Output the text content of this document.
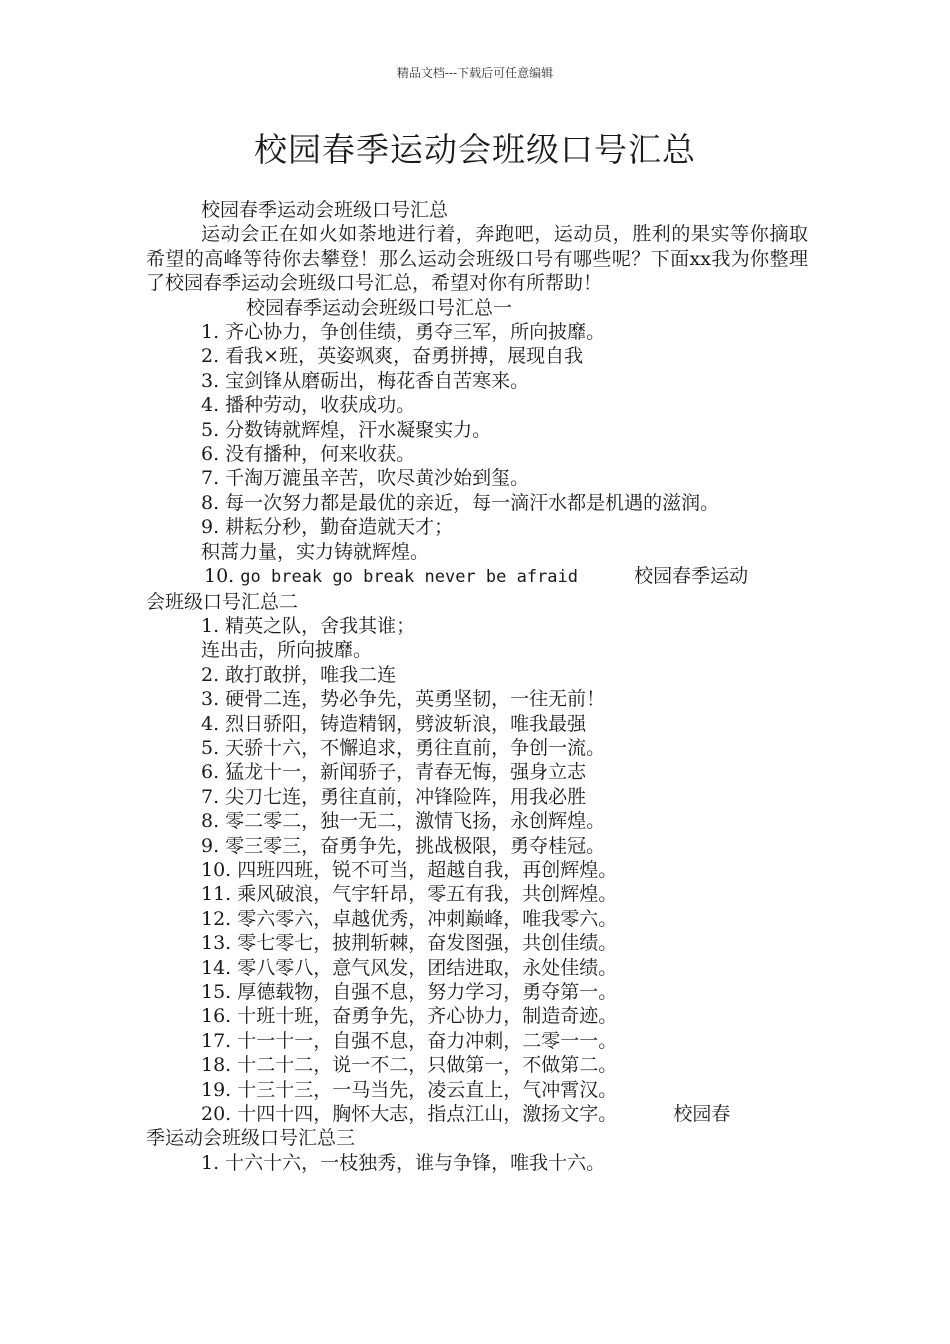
精品文档---下载后可任意编辑
校园春季运动会班级口号汇总

校园春季运动会班级口号汇总

运动会正在如火如荼地进行着，奔跑吧，运动员，胜利的果实等你摘取希望的高峰等待你去攀登！那么运动会班级口号有哪些呢？下面xx我为你整理了校园春季运动会班级口号汇总，希望对你有所帮助！

校园春季运动会班级口号汇总一

1. 齐心协力，争创佳绩，勇夺三军，所向披靡。

2. 看我×班，英姿飒爽，奋勇拼搏，展现自我

3. 宝剑锋从磨砺出，梅花香自苦寒来。

4. 播种劳动，收获成功。

5. 分数铸就辉煌，汗水凝聚实力。

6. 没有播种，何来收获。

7. 千淘万漉虽辛苦，吹尽黄沙始到玺。

8. 每一次努力都是最优的亲近，每一滴汗水都是机遇的滋润。

9. 耕耘分秒，勤奋造就天才；

积蒿力量，实力铸就辉煌。

10. go break go break never be afraid	校园春季运动

会班级口号汇总二

1. 精英之队，舍我其谁；

连出击，所向披靡。

2. 敢打敢拼，唯我二连

3. 硬骨二连，势必争先，英勇坚韧，一往无前！

4. 烈日骄阳，铸造精钢，劈波斩浪，唯我最强

5. 天骄十六，不懈追求，勇往直前，争创一流。

6. 猛龙十一，新闻骄子，青春无悔，强身立志

7. 尖刀七连，勇往直前，冲锋险阵，用我必胜

8. 零二零二，独一无二，激情飞扬，永创辉煌。

9. 零三零三，奋勇争先，挑战极限，勇夺桂冠。

10. 四班四班，锐不可当，超越自我，再创辉煌。

11. 乘风破浪，气宇轩昂，零五有我，共创辉煌。

12. 零六零六，卓越优秀，冲刺巅峰，唯我零六。

13. 零七零七，披荆斩棘，奋发图强，共创佳绩。

14. 零八零八，意气风发，团结进取，永处佳绩。

15. 厚德载物，自强不息，努力学习，勇夺第一。

16. 十班十班，奋勇争先，齐心协力，制造奇迹。

17. 十一十一，自强不息，奋力冲刺，二零一一。

18. 十二十二，说一不二，只做第一，不做第二。

19. 十三十三，一马当先，凌云直上，气冲霄汉。

20. 十四十四，胸怀大志，指点江山，激扬文字。	校园春

季运动会班级口号汇总三

1. 十六十六，一枝独秀，谁与争锋，唯我十六。
